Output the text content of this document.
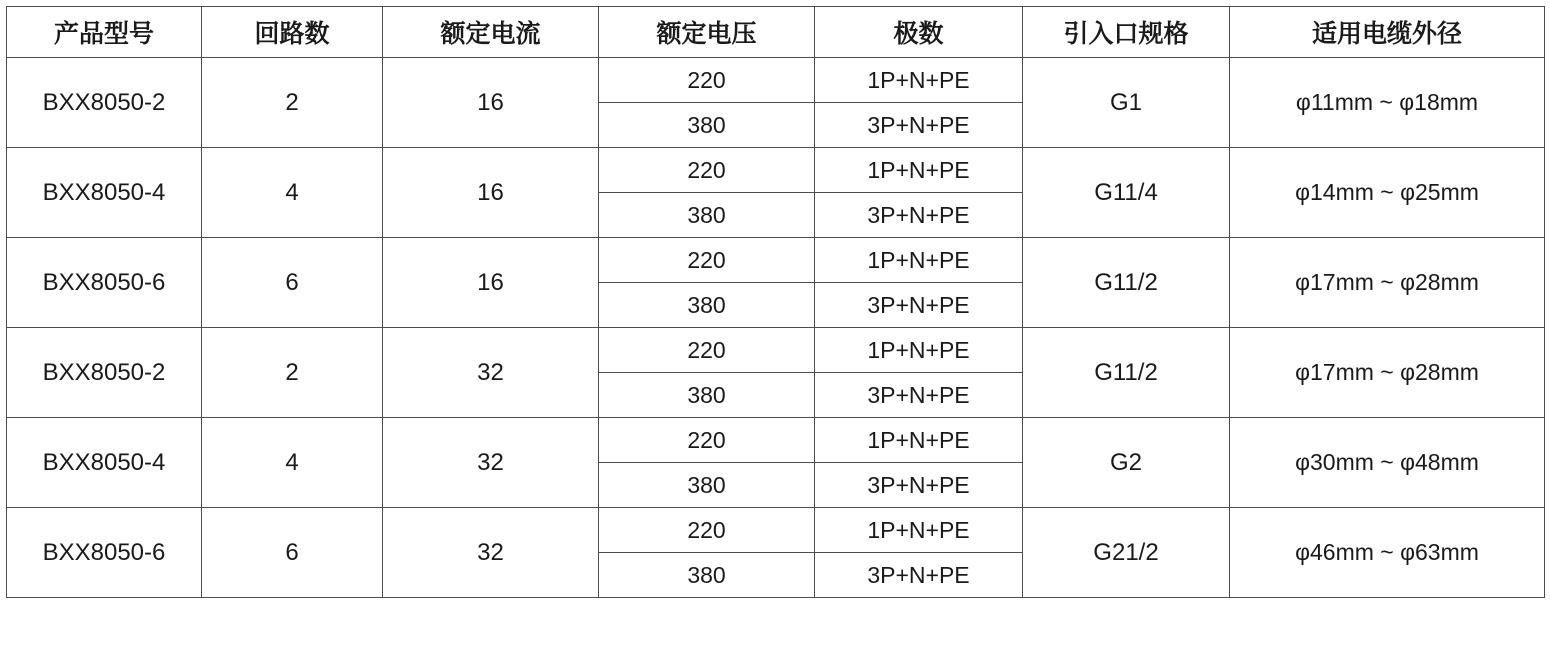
产品型号	回路数	额定电流	额定电压	极数	引入口规格	适用电缆外径
BXX8050-2	2	16	220	1P+N+PE	G1	φ11mm ~ φ18mm
			380	3P+N+PE		
BXX8050-4	4	16	220	1P+N+PE	G11/4	φ14mm ~ φ25mm
			380	3P+N+PE		
BXX8050-6	6	16	220	1P+N+PE	G11/2	φ17mm ~ φ28mm
			380	3P+N+PE		
BXX8050-2	2	32	220	1P+N+PE	G11/2	φ17mm ~ φ28mm
			380	3P+N+PE		
BXX8050-4	4	32	220	1P+N+PE	G2	φ30mm ~ φ48mm
			380	3P+N+PE		
BXX8050-6	6	32	220	1P+N+PE	G21/2	φ46mm ~ φ63mm
			380	3P+N+PE		
